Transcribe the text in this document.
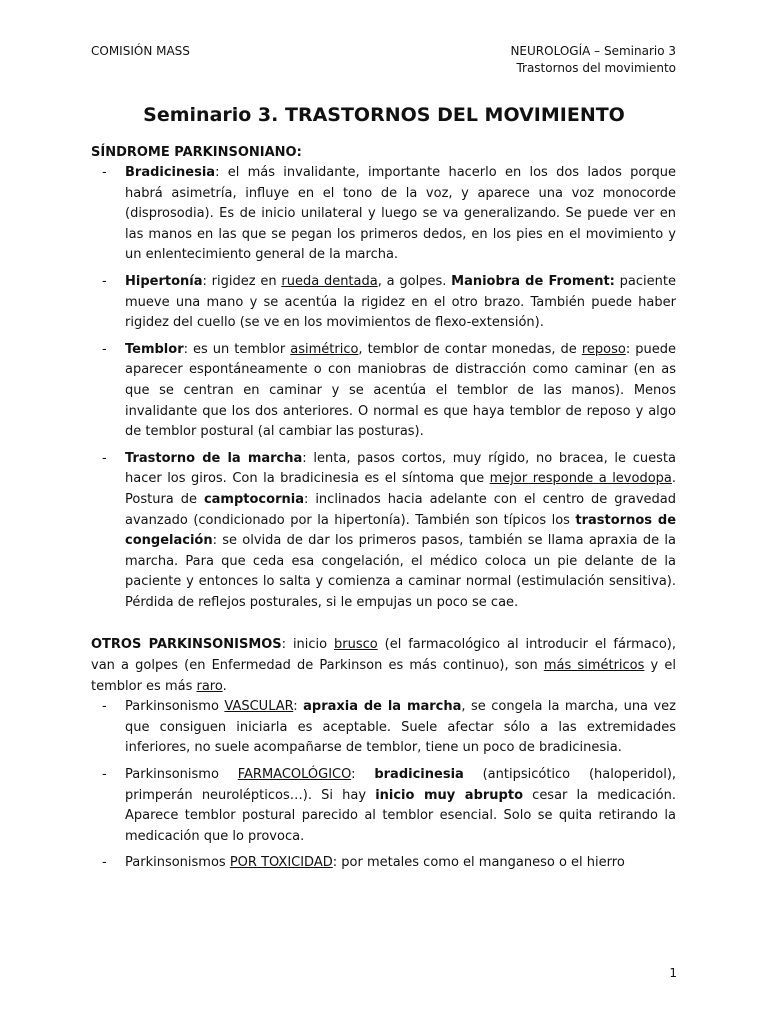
COMISIÓN MASS	NEUROLOGÍA – Seminario 3
Trastornos del movimiento
Seminario 3. TRASTORNOS DEL MOVIMIENTO

SÍNDROME PARKINSONIANO:

- Bradicinesia: el más invalidante, importante hacerlo en los dos lados porque habrá asimetría, influye en el tono de la voz, y aparece una voz monocorde (disprosodia). Es de inicio unilateral y luego se va generalizando. Se puede ver en las manos en las que se pegan los primeros dedos, en los pies en el movimiento y un enlentecimiento general de la marcha.
- Hipertonía: rigidez en rueda dentada, a golpes. Maniobra de Froment: paciente mueve una mano y se acentúa la rigidez en el otro brazo. También puede haber rigidez del cuello (se ve en los movimientos de flexo-extensión).
- Temblor: es un temblor asimétrico, temblor de contar monedas, de reposo: puede aparecer espontáneamente o con maniobras de distracción como caminar (en as que se centran en caminar y se acentúa el temblor de las manos). Menos invalidante que los dos anteriores. O normal es que haya temblor de reposo y algo de temblor postural (al cambiar las posturas).
- Trastorno de la marcha: lenta, pasos cortos, muy rígido, no bracea, le cuesta hacer los giros. Con la bradicinesia es el síntoma que mejor responde a levodopa. Postura de camptocornia: inclinados hacia adelante con el centro de gravedad avanzado (condicionado por la hipertonía). También son típicos los trastornos de congelación: se olvida de dar los primeros pasos, también se llama apraxia de la marcha. Para que ceda esa congelación, el médico coloca un pie delante de la paciente y entonces lo salta y comienza a caminar normal (estimulación sensitiva). Pérdida de reflejos posturales, si le empujas un poco se cae.

OTROS PARKINSONISMOS: inicio brusco (el farmacológico al introducir el fármaco), van a golpes (en Enfermedad de Parkinson es más continuo), son más simétricos y el temblor es más raro.

- Parkinsonismo VASCULAR: apraxia de la marcha, se congela la marcha, una vez que consiguen iniciarla es aceptable. Suele afectar sólo a las extremidades inferiores, no suele acompañarse de temblor, tiene un poco de bradicinesia.
- Parkinsonismo FARMACOLÓGICO: bradicinesia (antipsicótico (haloperidol), primperán neurolépticos…). Si hay inicio muy abrupto cesar la medicación. Aparece temblor postural parecido al temblor esencial. Solo se quita retirando la medicación que lo provoca.
- Parkinsonismos POR TOXICIDAD: por metales como el manganeso o el hierro
1
